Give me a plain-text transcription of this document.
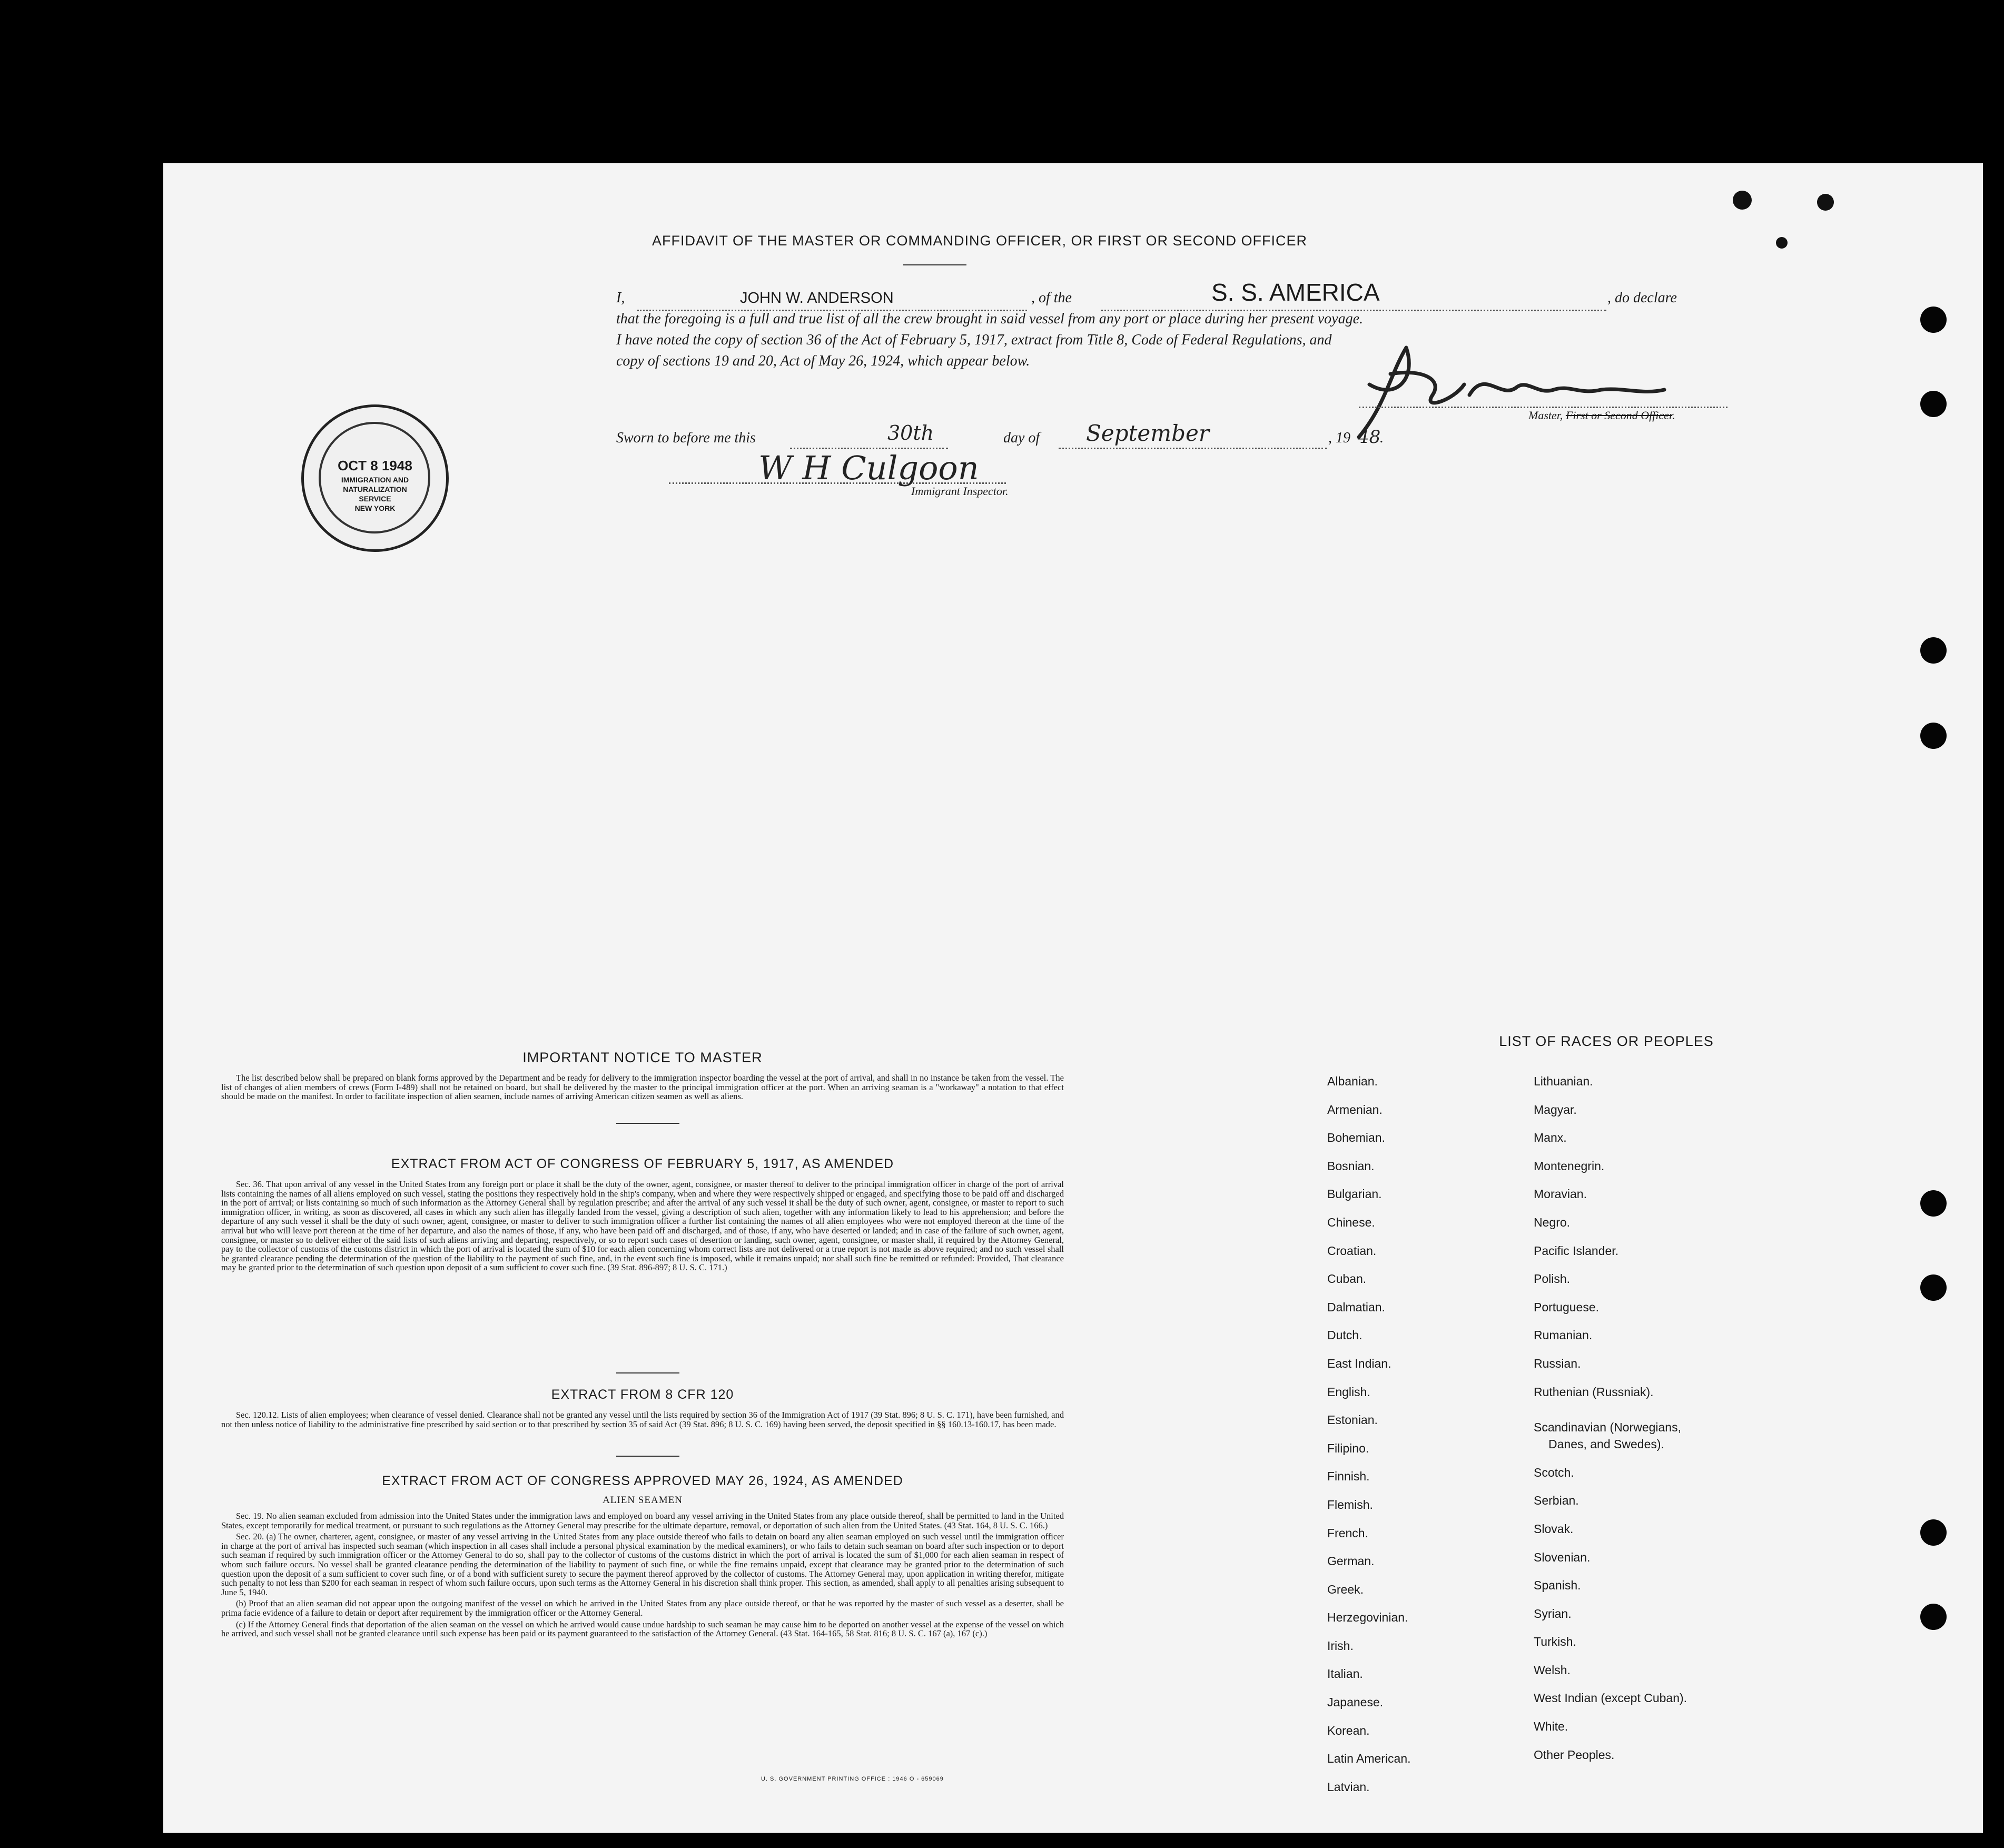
AFFIDAVIT OF THE MASTER OR COMMANDING OFFICER, OR FIRST OR SECOND OFFICER
I,	JOHN W. ANDERSON	, of the	S. S. AMERICA	, do declare
that the foregoing is a full and true list of all the crew brought in said vessel from any port or place during her present voyage.
I have noted the copy of section 36 of the Act of February 5, 1917, extract from Title 8, Code of Federal Regulations, and
copy of sections 19 and 20, Act of May 26, 1924, which appear below.
Master, First or Second Officer.
Sworn to before me this	30th	day of September	, 19 48
.
W H Culgoon
Immigrant Inspector.
OCT 8 1948
IMMIGRATION AND
NATURALIZATION
SERVICE
NEW YORK
IMPORTANT NOTICE TO MASTER

The list described below shall be prepared on blank forms approved by the Department and be ready for delivery to the immigration inspector boarding the vessel at the port of arrival, and shall in no instance be taken from the vessel. The list of changes of alien members of crews (Form I-489) shall not be retained on board, but shall be delivered by the master to the principal immigration officer at the port. When an arriving seaman is a "workaway" a notation to that effect should be made on the manifest. In order to facilitate inspection of alien seamen, include names of arriving American citizen seamen as well as aliens.

EXTRACT FROM ACT OF CONGRESS OF FEBRUARY 5, 1917, AS AMENDED

Sec. 36. That upon arrival of any vessel in the United States from any foreign port or place it shall be the duty of the owner, agent, consignee, or master thereof to deliver to the principal immigration officer in charge of the port of arrival lists containing the names of all aliens employed on such vessel, stating the positions they respectively hold in the ship's company, when and where they were respectively shipped or engaged, and specifying those to be paid off and discharged in the port of arrival; or lists containing so much of such information as the Attorney General shall by regulation prescribe; and after the arrival of any such vessel it shall be the duty of such owner, agent, consignee, or master to report to such immigration officer, in writing, as soon as discovered, all cases in which any such alien has illegally landed from the vessel, giving a description of such alien, together with any information likely to lead to his apprehension; and before the departure of any such vessel it shall be the duty of such owner, agent, consignee, or master to deliver to such immigration officer a further list containing the names of all alien employees who were not employed thereon at the time of the arrival but who will leave port thereon at the time of her departure, and also the names of those, if any, who have been paid off and discharged, and of those, if any, who have deserted or landed; and in case of the failure of such owner, agent, consignee, or master so to deliver either of the said lists of such aliens arriving and departing, respectively, or so to report such cases of desertion or landing, such owner, agent, consignee, or master shall, if required by the Attorney General, pay to the collector of customs of the customs district in which the port of arrival is located the sum of $10 for each alien concerning whom correct lists are not delivered or a true report is not made as above required; and no such vessel shall be granted clearance pending the determination of the question of the liability to the payment of such fine, and, in the event such fine is imposed, while it remains unpaid; nor shall such fine be remitted or refunded: Provided, That clearance may be granted prior to the determination of such question upon deposit of a sum sufficient to cover such fine. (39 Stat. 896-897; 8 U. S. C. 171.)

EXTRACT FROM 8 CFR 120

Sec. 120.12. Lists of alien employees; when clearance of vessel denied. Clearance shall not be granted any vessel until the lists required by section 36 of the Immigration Act of 1917 (39 Stat. 896; 8 U. S. C. 171), have been furnished, and not then unless notice of liability to the administrative fine prescribed by said section or to that prescribed by section 35 of said Act (39 Stat. 896; 8 U. S. C. 169) having been served, the deposit specified in §§ 160.13-160.17, has been made.

EXTRACT FROM ACT OF CONGRESS APPROVED MAY 26, 1924, AS AMENDED
ALIEN SEAMEN

Sec. 19. No alien seaman excluded from admission into the United States under the immigration laws and employed on board any vessel arriving in the United States from any place outside thereof, shall be permitted to land in the United States, except temporarily for medical treatment, or pursuant to such regulations as the Attorney General may prescribe for the ultimate departure, removal, or deportation of such alien from the United States. (43 Stat. 164, 8 U. S. C. 166.)

Sec. 20. (a) The owner, charterer, agent, consignee, or master of any vessel arriving in the United States from any place outside thereof who fails to detain on board any alien seaman employed on such vessel until the immigration officer in charge at the port of arrival has inspected such seaman (which inspection in all cases shall include a personal physical examination by the medical examiners), or who fails to detain such seaman on board after such inspection or to deport such seaman if required by such immigration officer or the Attorney General to do so, shall pay to the collector of customs of the customs district in which the port of arrival is located the sum of $1,000 for each alien seaman in respect of whom such failure occurs. No vessel shall be granted clearance pending the determination of the liability to payment of such fine, or while the fine remains unpaid, except that clearance may be granted prior to the determination of such question upon the deposit of a sum sufficient to cover such fine, or of a bond with sufficient surety to secure the payment thereof approved by the collector of customs. The Attorney General may, upon application in writing therefor, mitigate such penalty to not less than $200 for each seaman in respect of whom such failure occurs, upon such terms as the Attorney General in his discretion shall think proper. This section, as amended, shall apply to all penalties arising subsequent to June 5, 1940.

(b) Proof that an alien seaman did not appear upon the outgoing manifest of the vessel on which he arrived in the United States from any place outside thereof, or that he was reported by the master of such vessel as a deserter, shall be prima facie evidence of a failure to detain or deport after requirement by the immigration officer or the Attorney General.

(c) If the Attorney General finds that deportation of the alien seaman on the vessel on which he arrived would cause undue hardship to such seaman he may cause him to be deported on another vessel at the expense of the vessel on which he arrived, and such vessel shall not be granted clearance until such expense has been paid or its payment guaranteed to the satisfaction of the Attorney General. (43 Stat. 164-165, 58 Stat. 816; 8 U. S. C. 167 (a), 167 (c).)

U. S. GOVERNMENT PRINTING OFFICE : 1946 O - 659069
LIST OF RACES OR PEOPLES
Albanian.
Armenian.
Bohemian.
Bosnian.
Bulgarian.
Chinese.
Croatian.
Cuban.
Dalmatian.
Dutch.
East Indian.
English.
Estonian.
Filipino.
Finnish.
Flemish.
French.
German.
Greek.
Herzegovinian.
Irish.
Italian.
Japanese.
Korean.
Latin American.
Latvian.
Lithuanian.
Magyar.
Manx.
Montenegrin.
Moravian.
Negro.
Pacific Islander.
Polish.
Portuguese.
Rumanian.
Russian.
Ruthenian (Russniak).
Scandinavian (Norwegians,
Danes, and Swedes).
Scotch.
Serbian.
Slovak.
Slovenian.
Spanish.
Syrian.
Turkish.
Welsh.
West Indian (except Cuban).
White.
Other Peoples.
